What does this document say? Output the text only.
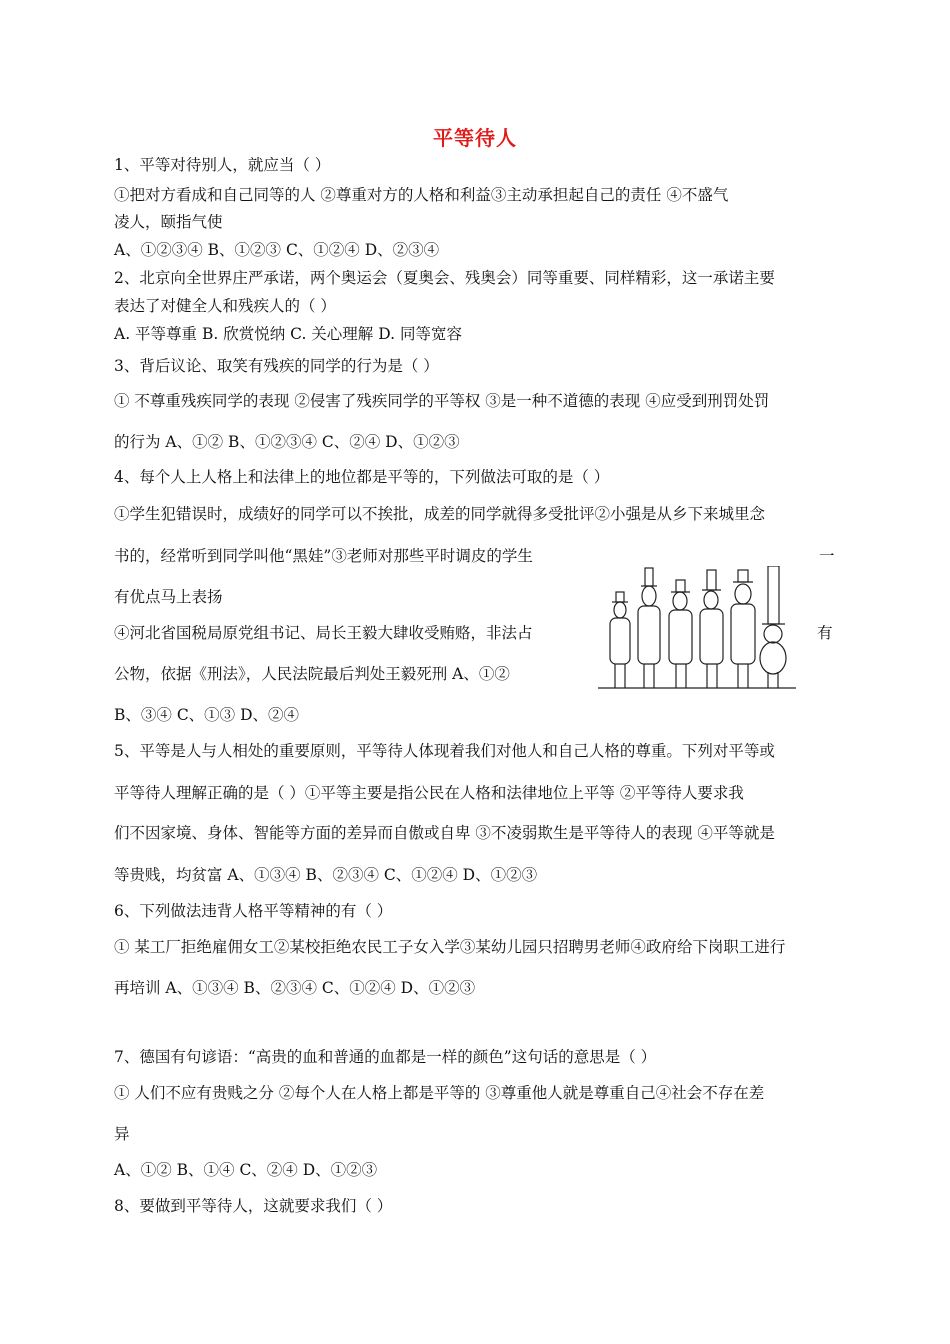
平等待人
1、平等对待别人，就应当（ ）
①把对方看成和自己同等的人 ②尊重对方的人格和利益③主动承担起自己的责任 ④不盛气
凌人，颐指气使
A、①②③④ B、①②③ C、①②④ D、②③④
2、北京向全世界庄严承诺，两个奥运会（夏奥会、残奥会）同等重要、同样精彩，这一承诺主要
表达了对健全人和残疾人的（ ）
A. 平等尊重 B. 欣赏悦纳 C. 关心理解 D. 同等宽容
3、背后议论、取笑有残疾的同学的行为是（ ）
① 不尊重残疾同学的表现 ②侵害了残疾同学的平等权 ③是一种不道德的表现 ④应受到刑罚处罚
的行为 A、①② B、①②③④ C、②④ D、①②③
4、每个人上人格上和法律上的地位都是平等的，下列做法可取的是（ ）
①学生犯错误时，成绩好的同学可以不挨批，成差的同学就得多受批评②小强是从乡下来城里念
书的，经常听到同学叫他“黑娃”③老师对那些平时调皮的学生	一
有优点马上表扬
④河北省国税局原党组书记、局长王毅大肆收受贿赂，非法占	有
公物，依据《刑法》，人民法院最后判处王毅死刑 A、①②
B、③④ C、①③ D、②④
5、平等是人与人相处的重要原则，平等待人体现着我们对他人和自己人格的尊重。下列对平等或
平等待人理解正确的是（ ）①平等主要是指公民在人格和法律地位上平等 ②平等待人要求我
们不因家境、身体、智能等方面的差异而自傲或自卑 ③不凌弱欺生是平等待人的表现 ④平等就是
等贵贱，均贫富 A、①③④ B、②③④ C、①②④ D、①②③
6、下列做法违背人格平等精神的有（ ）
① 某工厂拒绝雇佣女工②某校拒绝农民工子女入学③某幼儿园只招聘男老师④政府给下岗职工进行
再培训 A、①③④ B、②③④ C、①②④ D、①②③
7、德国有句谚语：“高贵的血和普通的血都是一样的颜色”这句话的意思是（ ）
① 人们不应有贵贱之分 ②每个人在人格上都是平等的 ③尊重他人就是尊重自己④社会不存在差
异
A、①② B、①④ C、②④ D、①②③
8、要做到平等待人，这就要求我们（ ）
